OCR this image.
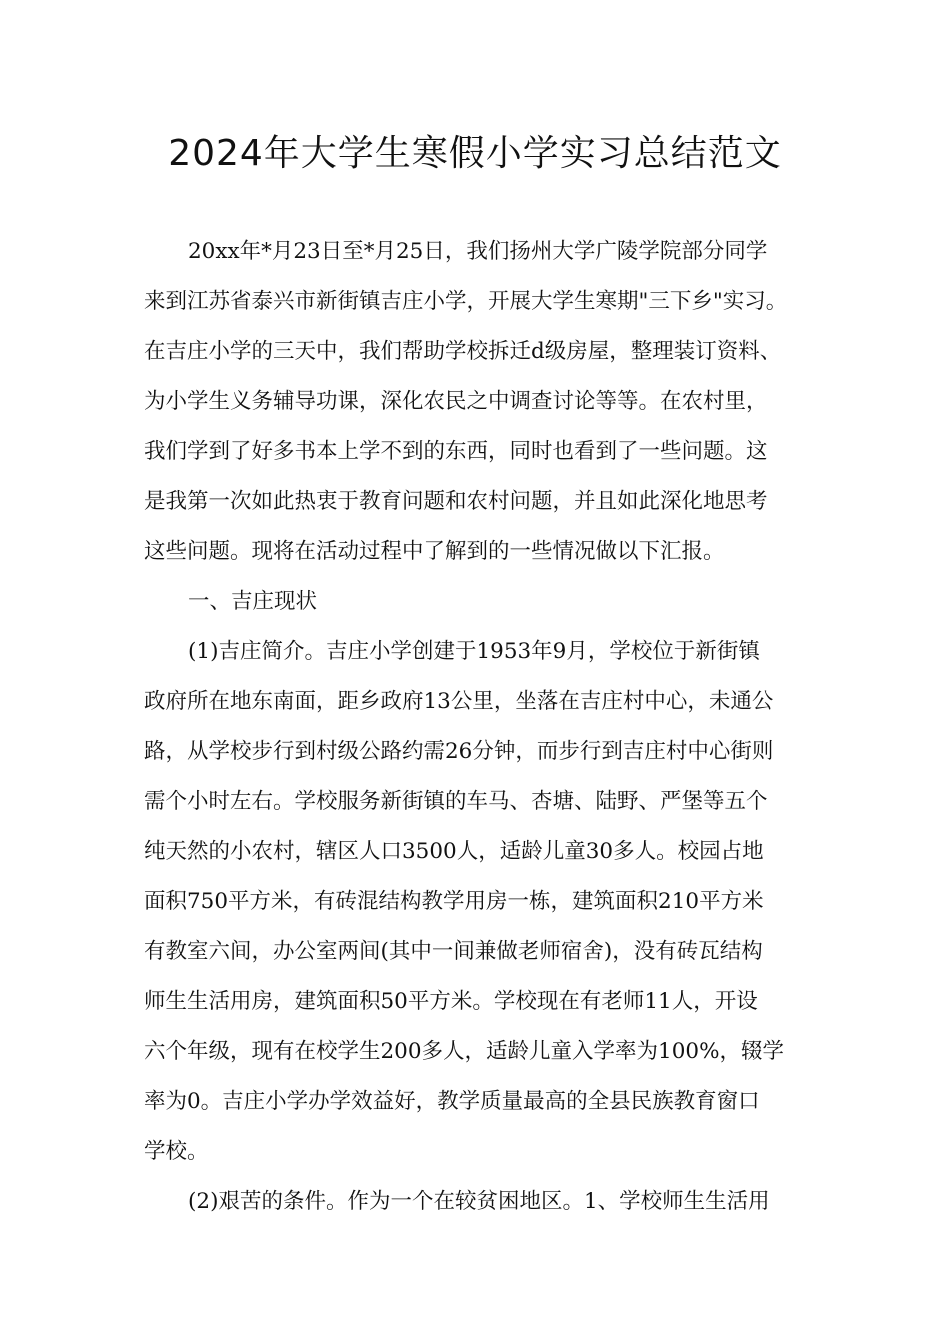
2024年大学生寒假小学实习总结范文
20xx年*月23日至*月25日，我们扬州大学广陵学院部分同学
来到江苏省泰兴市新街镇吉庄小学，开展大学生寒期"三下乡"实习。
在吉庄小学的三天中，我们帮助学校拆迁d级房屋，整理装订资料、
为小学生义务辅导功课，深化农民之中调查讨论等等。在农村里，
我们学到了好多书本上学不到的东西，同时也看到了一些问题。这
是我第一次如此热衷于教育问题和农村问题，并且如此深化地思考
这些问题。现将在活动过程中了解到的一些情况做以下汇报。
一、吉庄现状
(1)吉庄简介。吉庄小学创建于1953年9月，学校位于新街镇
政府所在地东南面，距乡政府13公里，坐落在吉庄村中心，未通公
路，从学校步行到村级公路约需26分钟，而步行到吉庄村中心街则
需个小时左右。学校服务新街镇的车马、杏塘、陆野、严堡等五个
纯天然的小农村，辖区人口3500人，适龄儿童30多人。校园占地
面积750平方米，有砖混结构教学用房一栋，建筑面积210平方米
有教室六间，办公室两间(其中一间兼做老师宿舍)，没有砖瓦结构
师生生活用房，建筑面积50平方米。学校现在有老师11人，开设
六个年级，现有在校学生200多人，适龄儿童入学率为100%，辍学
率为0。吉庄小学办学效益好，教学质量最高的全县民族教育窗口
学校。
(2)艰苦的条件。作为一个在较贫困地区。1、学校师生生活用
